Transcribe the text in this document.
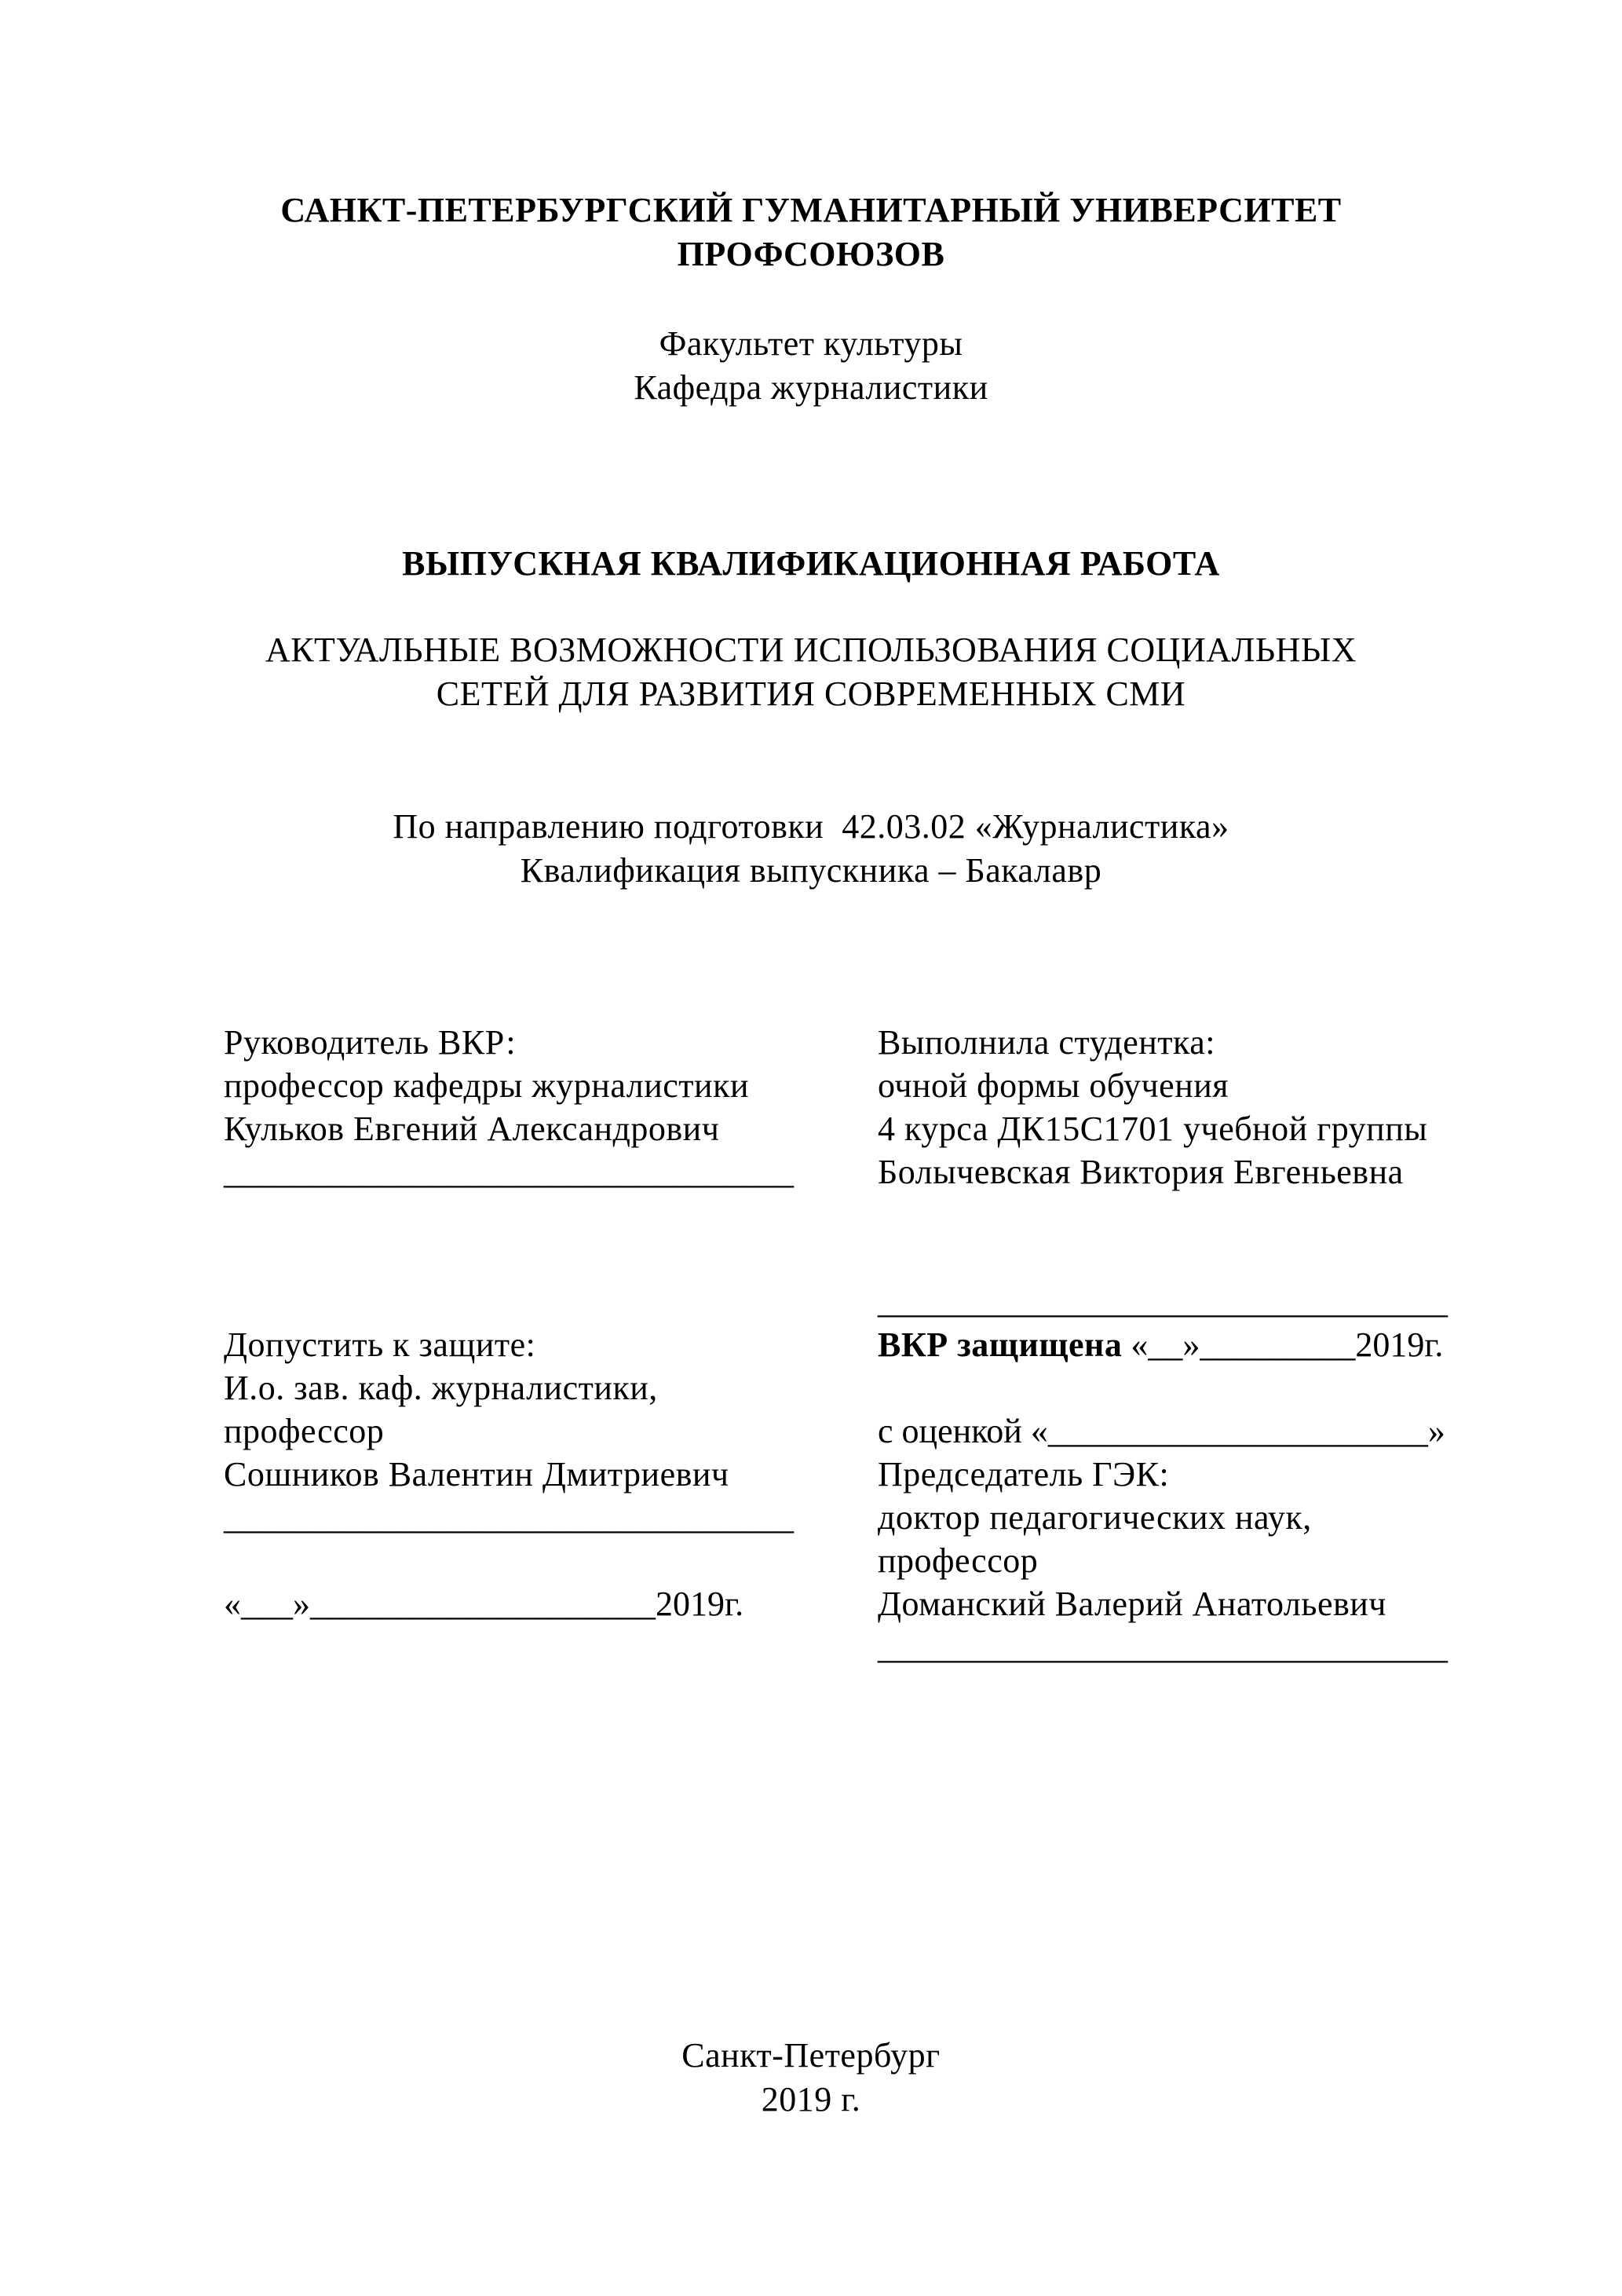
САНКТ-ПЕТЕРБУРГСКИЙ ГУМАНИТАРНЫЙ УНИВЕРСИТЕТ
ПРОФСОЮЗОВ
Факультет культуры
Кафедра журналистики
ВЫПУСКНАЯ КВАЛИФИКАЦИОННАЯ РАБОТА
АКТУАЛЬНЫЕ ВОЗМОЖНОСТИ ИСПОЛЬЗОВАНИЯ СОЦИАЛЬНЫХ
СЕТЕЙ ДЛЯ РАЗВИТИЯ СОВРЕМЕННЫХ СМИ
По направлению подготовки  42.03.02 «Журналистика»
Квалификация выпускника – Бакалавр
Руководитель ВКР:
профессор кафедры журналистики
Кульков Евгений Александрович
_________________________________
Допустить к защите:
И.о. зав. каф. журналистики,
профессор
Сошников Валентин Дмитриевич
_________________________________
«___»____________________2019г.
Выполнила студентка:
очной формы обучения
4 курса ДК15С1701 учебной группы
Болычевская Виктория Евгеньевна
_________________________________
ВКР защищена «__»_________2019г.
с оценкой «______________________»
Председатель ГЭК:
доктор педагогических наук,
профессор
Доманский Валерий Анатольевич
_________________________________
Санкт-Петербург
2019 г.
